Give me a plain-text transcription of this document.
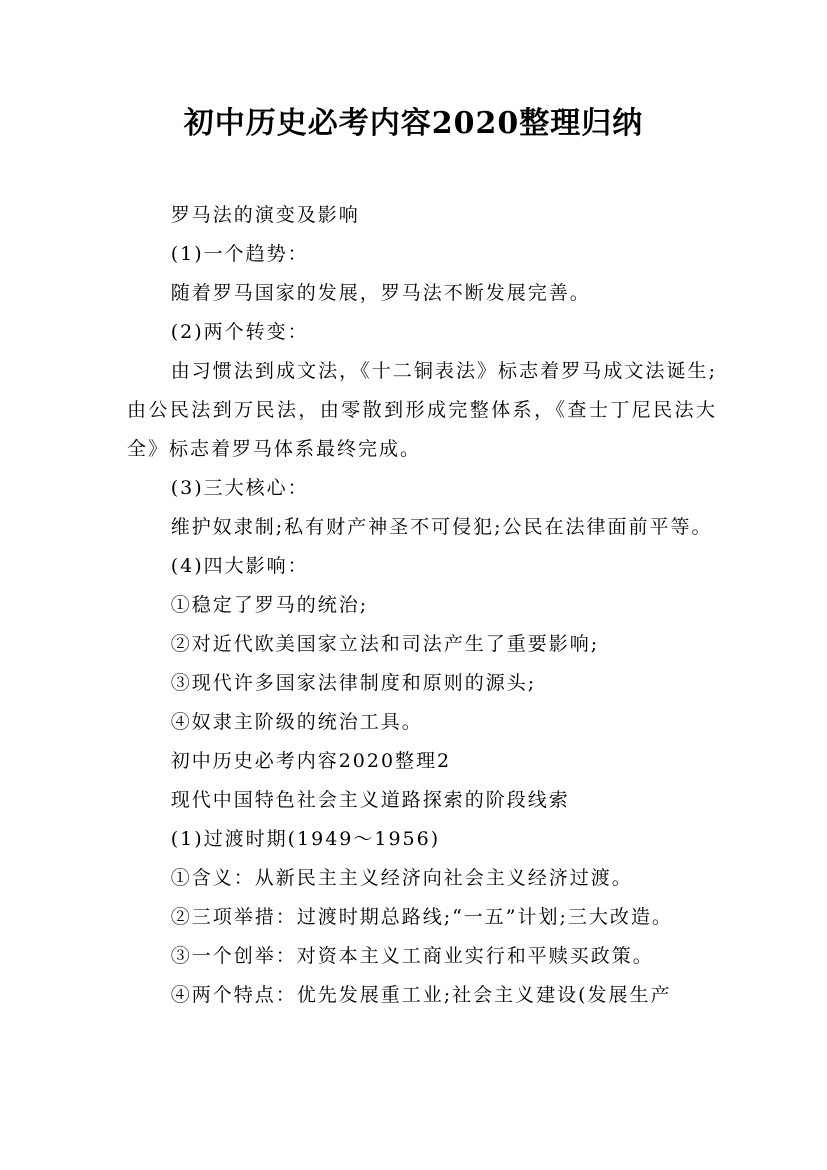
初中历史必考内容2020整理归纳

罗马法的演变及影响

(1)一个趋势：

随着罗马国家的发展，罗马法不断发展完善。

(2)两个转变：

由习惯法到成文法，《十二铜表法》标志着罗马成文法诞生;由公民法到万民法，由零散到形成完整体系，《查士丁尼民法大全》标志着罗马体系最终完成。

(3)三大核心：

维护奴隶制;私有财产神圣不可侵犯;公民在法律面前平等。

(4)四大影响：

①稳定了罗马的统治;

②对近代欧美国家立法和司法产生了重要影响;

③现代许多国家法律制度和原则的源头;

④奴隶主阶级的统治工具。

初中历史必考内容2020整理2

现代中国特色社会主义道路探索的阶段线索

(1)过渡时期(1949～1956)

①含义：从新民主主义经济向社会主义经济过渡。

②三项举措：过渡时期总路线;“一五”计划;三大改造。

③一个创举：对资本主义工商业实行和平赎买政策。

④两个特点：优先发展重工业;社会主义建设(发展生产
